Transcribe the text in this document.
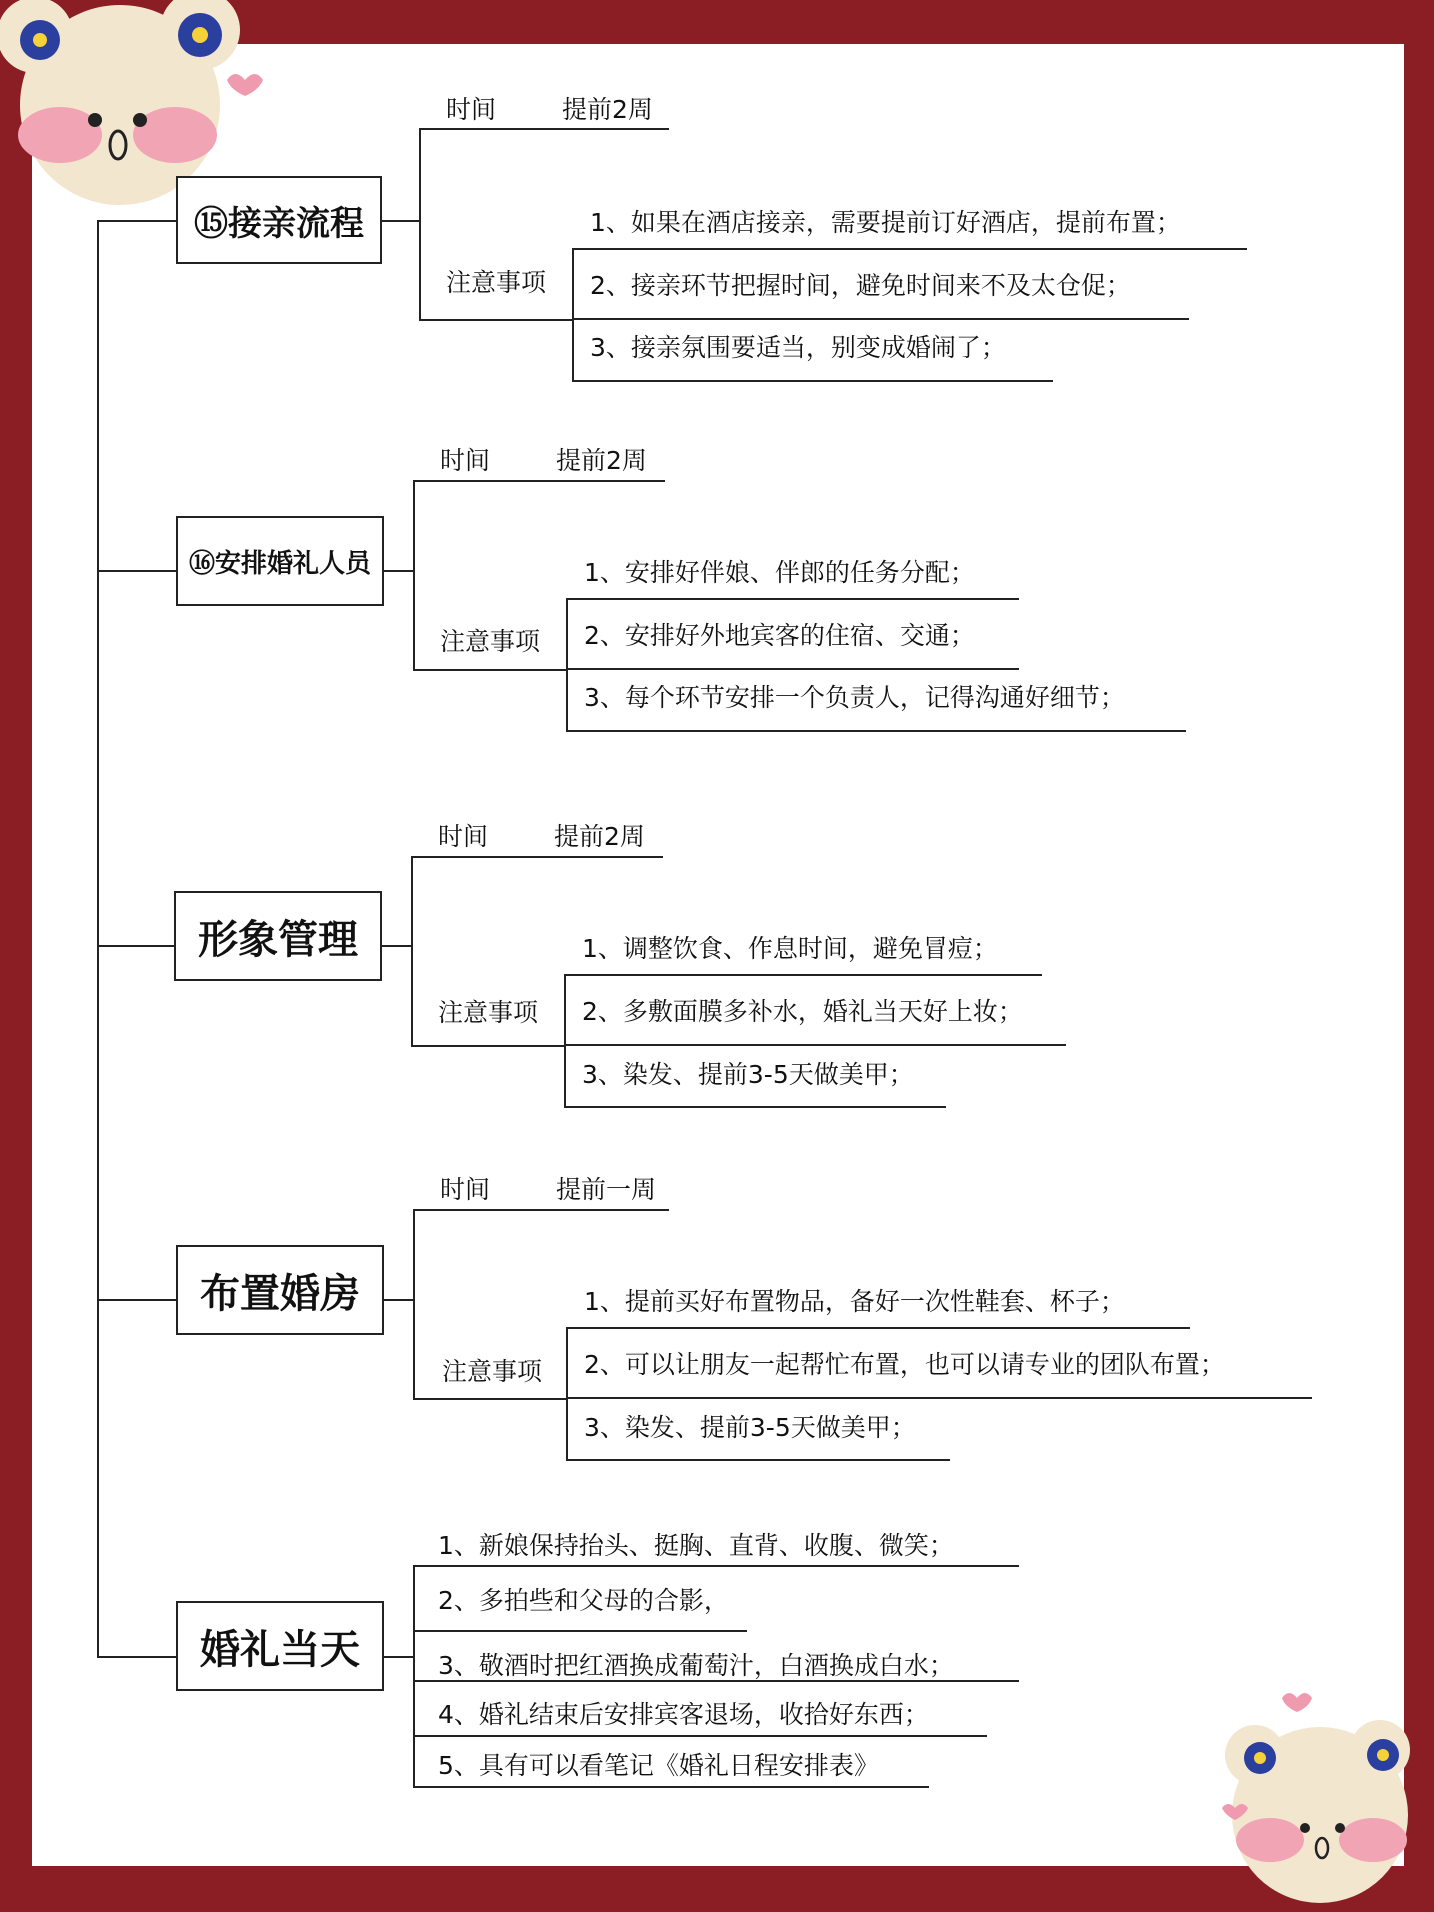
⑮接亲流程
时间	提前2周
注意事项
1、如果在酒店接亲，需要提前订好酒店，提前布置；
2、接亲环节把握时间，避免时间来不及太仓促；
3、接亲氛围要适当，别变成婚闹了；
⑯安排婚礼人员
时间	提前2周
注意事项
1、安排好伴娘、伴郎的任务分配；
2、安排好外地宾客的住宿、交通；
3、每个环节安排一个负责人，记得沟通好细节；
形象管理
时间	提前2周
注意事项
1、调整饮食、作息时间，避免冒痘；
2、多敷面膜多补水，婚礼当天好上妆；
3、染发、提前3-5天做美甲；
布置婚房
时间	提前一周
注意事项
1、提前买好布置物品，备好一次性鞋套、杯子；
2、可以让朋友一起帮忙布置，也可以请专业的团队布置；
3、染发、提前3-5天做美甲；
婚礼当天
1、新娘保持抬头、挺胸、直背、收腹、微笑；
2、多拍些和父母的合影，
3、敬酒时把红酒换成葡萄汁，白酒换成白水；
4、婚礼结束后安排宾客退场，收拾好东西；
5、具有可以看笔记《婚礼日程安排表》
